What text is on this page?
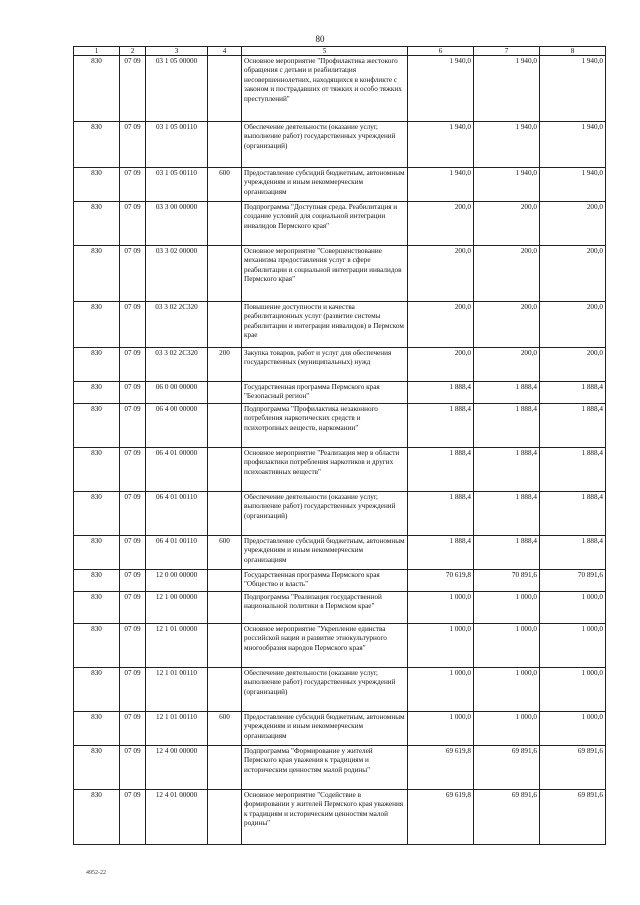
80
1	2	3	4	5	6	7	8
830	07 09	03 1 05 00000		Основное мероприятие "Профилактика жестокого обращения с детьми и реабилитация несовершеннолетних, находящихся в конфликте с законом и пострадавших от тяжких и особо тяжких преступлений"	1 940,0	1 940,0	1 940,0
830	07 09	03 1 05 00110		Обеспечение деятельности (оказание услуг, выполнение работ) государственных учреждений (организаций)	1 940,0	1 940,0	1 940,0
830	07 09	03 1 05 00110	600	Предоставление субсидий бюджетным, автономным учреждениям и иным некоммерческим организациям	1 940,0	1 940,0	1 940,0
830	07 09	03 3 00 00000		Подпрограмма "Доступная среда. Реабилитация и создание условий для социальной интеграции инвалидов Пермского края"	200,0	200,0	200,0
830	07 09	03 3 02 00000		Основное мероприятие "Совершенствование механизма предоставления услуг в сфере реабилитации и социальной интеграции инвалидов Пермского края"	200,0	200,0	200,0
830	07 09	03 3 02 2С320		Повышение доступности и качества реабилитационных услуг (развитие системы реабилитации и интеграции инвалидов) в Пермском крае	200,0	200,0	200,0
830	07 09	03 3 02 2С320	200	Закупка товаров, работ и услуг для обеспечения государственных (муниципальных) нужд	200,0	200,0	200,0
830	07 09	06 0 00 00000		Государственная программа Пермского края "Безопасный регион"	1 888,4	1 888,4	1 888,4
830	07 09	06 4 00 00000		Подпрограмма "Профилактика незаконного потребления наркотических средств и психотропных веществ, наркомании"	1 888,4	1 888,4	1 888,4
830	07 09	06 4 01 00000		Основное мероприятие "Реализация мер в области профилактики потребления наркотиков и других психоактивных веществ"	1 888,4	1 888,4	1 888,4
830	07 09	06 4 01 00110		Обеспечение деятельности (оказание услуг, выполнение работ) государственных учреждений (организаций)	1 888,4	1 888,4	1 888,4
830	07 09	06 4 01 00110	600	Предоставление субсидий бюджетным, автономным учреждениям и иным некоммерческим организациям	1 888,4	1 888,4	1 888,4
830	07 09	12 0 00 00000		Государственная программа Пермского края "Общество и власть"	70 619,8	70 891,6	70 891,6
830	07 09	12 1 00 00000		Подпрограмма "Реализация государственной национальной политики в Пермском крае"	1 000,0	1 000,0	1 000,0
830	07 09	12 1 01 00000		Основное мероприятие "Укрепление единства российской нации и развитие этнокультурного многообразия народов Пермского края"	1 000,0	1 000,0	1 000,0
830	07 09	12 1 01 00110		Обеспечение деятельности (оказание услуг, выполнение работ) государственных учреждений (организаций)	1 000,0	1 000,0	1 000,0
830	07 09	12 1 01 00110	600	Предоставление субсидий бюджетным, автономным учреждениям и иным некоммерческим организациям	1 000,0	1 000,0	1 000,0
830	07 09	12 4 00 00000		Подпрограмма "Формирование у жителей Пермского края уважения к традициям и историческим ценностям малой родины"	69 619,8	69 891,6	69 891,6
830	07 09	12 4 01 00000		Основное мероприятие "Содействие в формировании у жителей Пермского края уважения к традициям и историческим ценностям малой родины"	69 619,8	69 891,6	69 891,6
4952-22
